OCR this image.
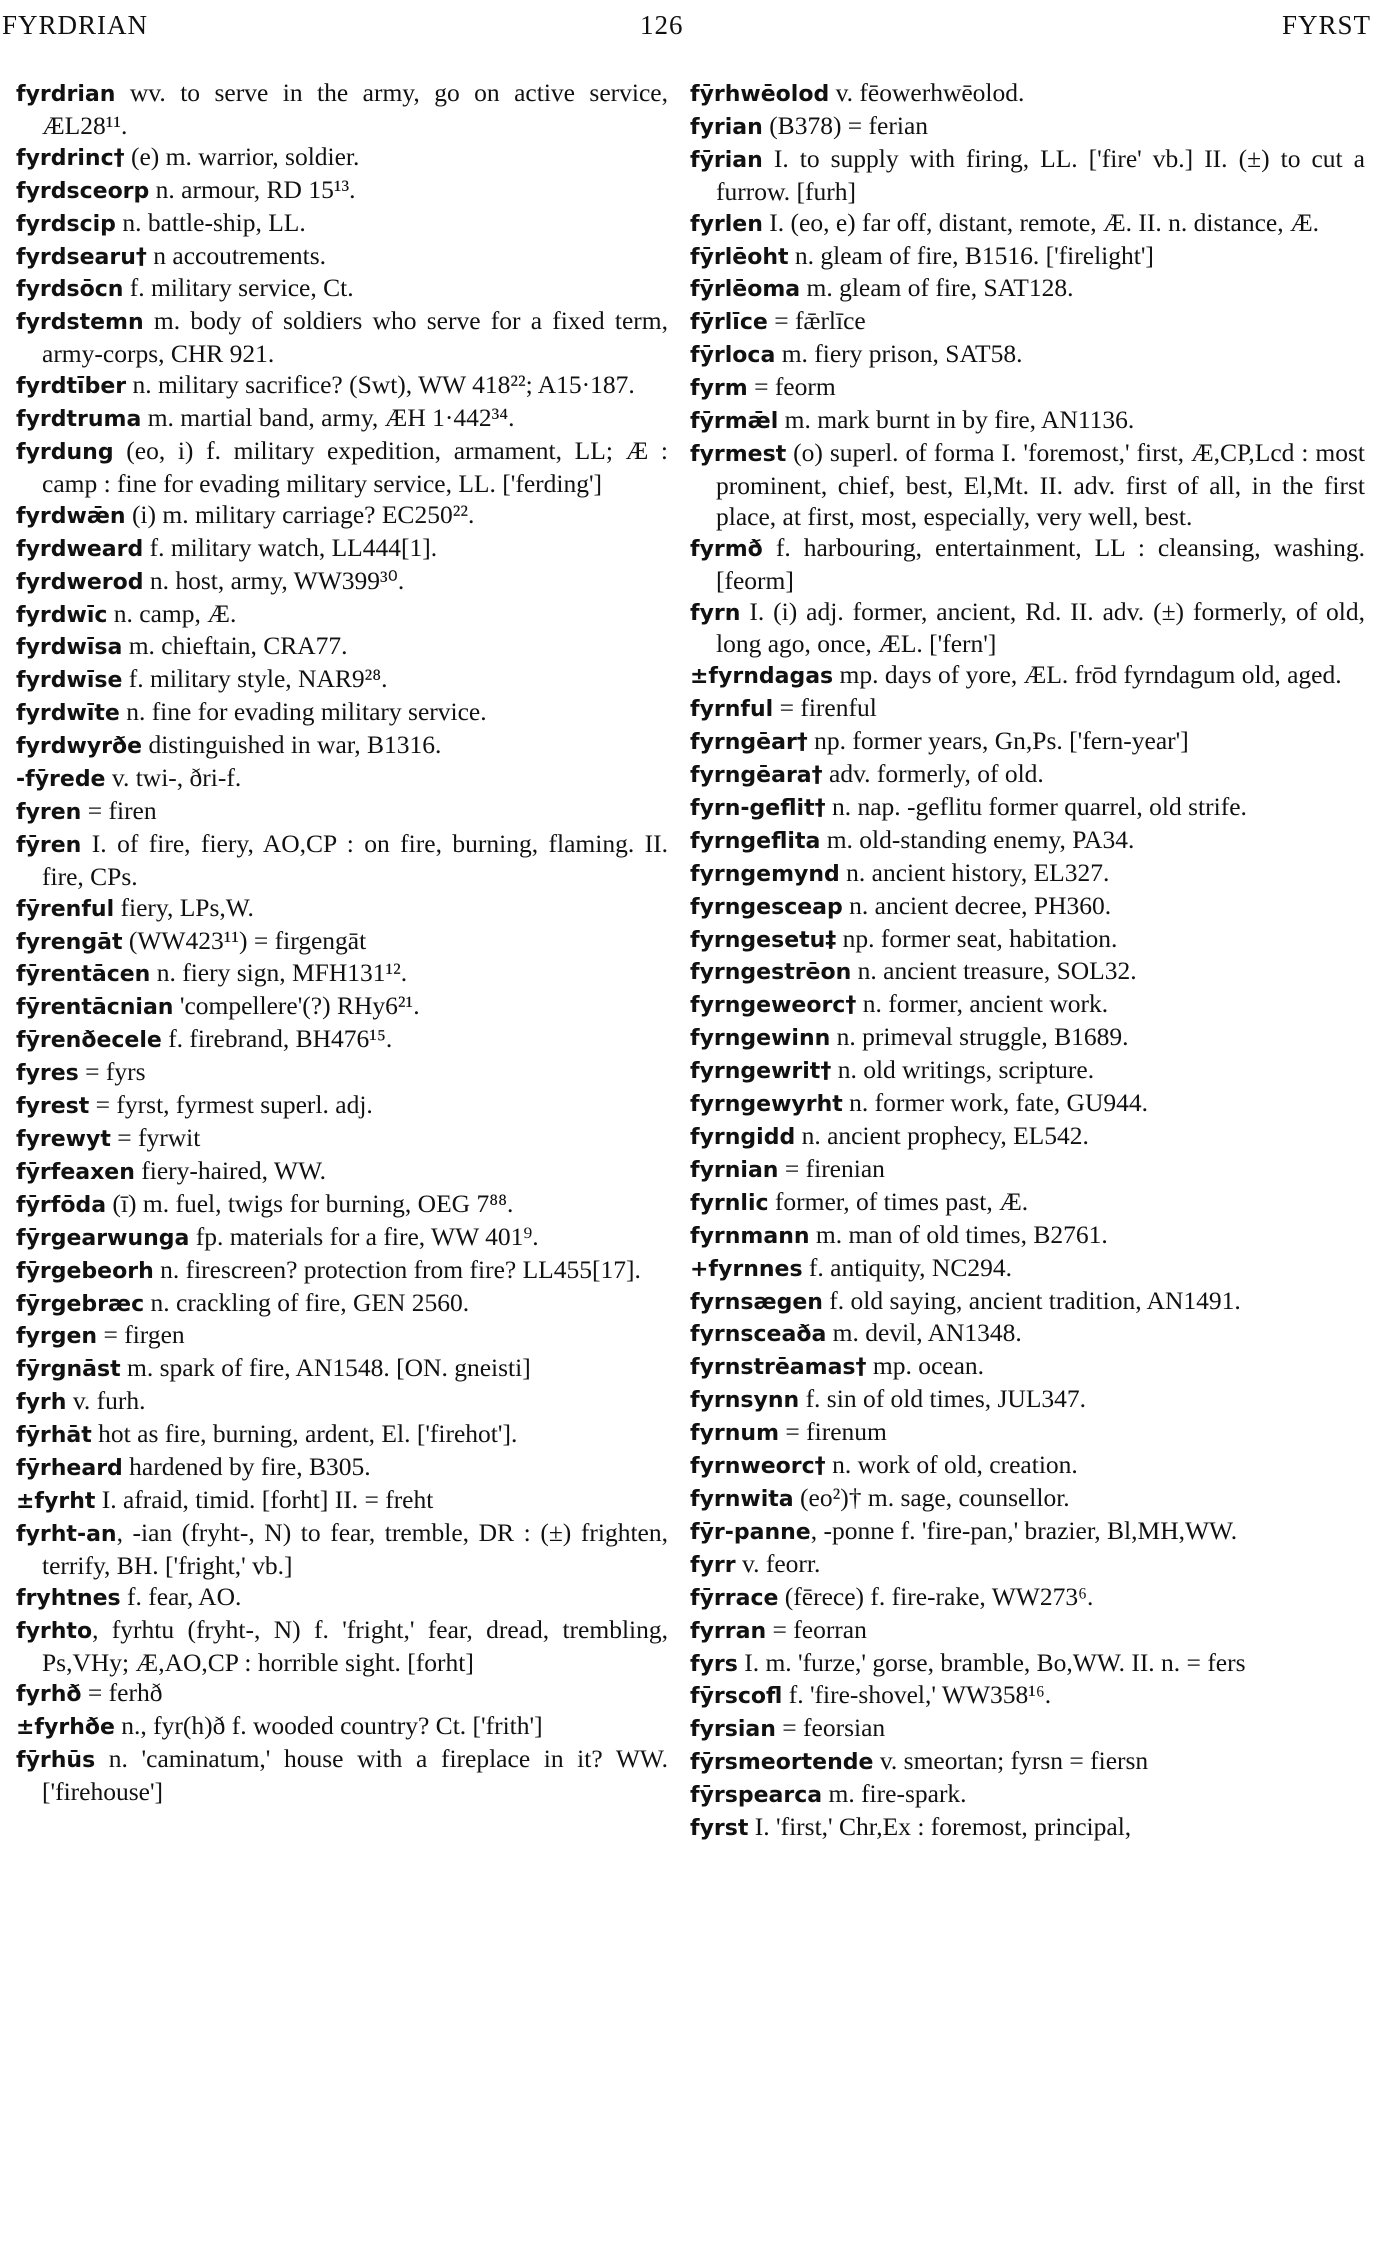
FYRDRIAN	126	FYRST

fyrdrian wv. to serve in the army, go on active service, ÆL28¹¹.

fyrdrinc† (e) m. warrior, soldier.

fyrdsceorp n. armour, RD 15¹³.

fyrdscip n. battle-ship, LL.

fyrdsearu† n accoutrements.

fyrdsōcn f. military service, Ct.

fyrdstemn m. body of soldiers who serve for a fixed term, army-corps, CHR 921.

fyrdtīber n. military sacrifice? (Swt), WW 418²²; A15·187.

fyrdtruma m. martial band, army, ÆH 1·442³⁴.

fyrdung (eo, i) f. military expedition, armament, LL; Æ : camp : fine for evading military service, LL. ['ferding']

fyrdwǣn (i) m. military carriage? EC250²².

fyrdweard f. military watch, LL444[1].

fyrdwerod n. host, army, WW399³⁰.

fyrdwīc n. camp, Æ.

fyrdwīsa m. chieftain, CRA77.

fyrdwīse f. military style, NAR9²⁸.

fyrdwīte n. fine for evading military service.

fyrdwyrðe distinguished in war, B1316.

-fȳrede v. twi-, ðri-f.

fyren = firen

fȳren I. of fire, fiery, AO,CP : on fire, burning, flaming. II. fire, CPs.

fȳrenful fiery, LPs,W.

fyrengāt (WW423¹¹) = firgengāt

fȳrentācen n. fiery sign, MFH131¹².

fȳrentācnian 'compellere'(?) RHy6²¹.

fȳrenðecele f. firebrand, BH476¹⁵.

fyres = fyrs

fyrest = fyrst, fyrmest superl. adj.

fyrewyt = fyrwit

fȳrfeaxen fiery-haired, WW.

fȳrfōda (ī) m. fuel, twigs for burning, OEG 7⁸⁸.

fȳrgearwunga fp. materials for a fire, WW 401⁹.

fȳrgebeorh n. firescreen? protection from fire? LL455[17].

fȳrgebræc n. crackling of fire, GEN 2560.

fyrgen = firgen

fȳrgnāst m. spark of fire, AN1548. [ON. gneisti]

fyrh v. furh.

fȳrhāt hot as fire, burning, ardent, El. ['firehot'].

fȳrheard hardened by fire, B305.

±fyrht I. afraid, timid. [forht] II. = freht

fyrht-an, -ian (fryht-, N) to fear, tremble, DR : (±) frighten, terrify, BH. ['fright,' vb.]

fryhtnes f. fear, AO.

fyrhto, fyrhtu (fryht-, N) f. 'fright,' fear, dread, trembling, Ps,VHy; Æ,AO,CP : horrible sight. [forht]

fyrhð = ferhð

±fyrhðe n., fyr(h)ð f. wooded country? Ct. ['frith']

fȳrhūs n. 'caminatum,' house with a fireplace in it? WW. ['firehouse']

fȳrhwēolod v. fēowerhwēolod.

fyrian (B378) = ferian

fȳrian I. to supply with firing, LL. ['fire' vb.] II. (±) to cut a furrow. [furh]

fyrlen I. (eo, e) far off, distant, remote, Æ. II. n. distance, Æ.

fȳrlēoht n. gleam of fire, B1516. ['firelight']

fȳrlēoma m. gleam of fire, SAT128.

fȳrlīce = fǣrlīce

fȳrloca m. fiery prison, SAT58.

fyrm = feorm

fȳrmǣl m. mark burnt in by fire, AN1136.

fyrmest (o) superl. of forma I. 'foremost,' first, Æ,CP,Lcd : most prominent, chief, best, El,Mt. II. adv. first of all, in the first place, at first, most, especially, very well, best.

fyrmð f. harbouring, entertainment, LL : cleansing, washing. [feorm]

fyrn I. (i) adj. former, ancient, Rd. II. adv. (±) formerly, of old, long ago, once, ÆL. ['fern']

±fyrndagas mp. days of yore, ÆL. frōd fyrndagum old, aged.

fyrnful = firenful

fyrngēar† np. former years, Gn,Ps. ['fern-year']

fyrngēara† adv. formerly, of old.

fyrn-geflit† n. nap. -geflitu former quarrel, old strife.

fyrngeflita m. old-standing enemy, PA34.

fyrngemynd n. ancient history, EL327.

fyrngesceap n. ancient decree, PH360.

fyrngesetu‡ np. former seat, habitation.

fyrngestrēon n. ancient treasure, SOL32.

fyrngeweorc† n. former, ancient work.

fyrngewinn n. primeval struggle, B1689.

fyrngewrit† n. old writings, scripture.

fyrngewyrht n. former work, fate, GU944.

fyrngidd n. ancient prophecy, EL542.

fyrnian = firenian

fyrnlic former, of times past, Æ.

fyrnmann m. man of old times, B2761.

+fyrnnes f. antiquity, NC294.

fyrnsægen f. old saying, ancient tradition, AN1491.

fyrnsceaða m. devil, AN1348.

fyrnstrēamas† mp. ocean.

fyrnsynn f. sin of old times, JUL347.

fyrnum = firenum

fyrnweorc† n. work of old, creation.

fyrnwita (eo²)† m. sage, counsellor.

fȳr-panne, -ponne f. 'fire-pan,' brazier, Bl,MH,WW.

fyrr v. feorr.

fȳrrace (fērece) f. fire-rake, WW273⁶.

fyrran = feorran

fyrs I. m. 'furze,' gorse, bramble, Bo,WW. II. n. = fers

fȳrscofl f. 'fire-shovel,' WW358¹⁶.

fyrsian = feorsian

fȳrsmeortende v. smeortan; fyrsn = fiersn

fȳrspearca m. fire-spark.

fyrst I. 'first,' Chr,Ex : foremost, principal,
